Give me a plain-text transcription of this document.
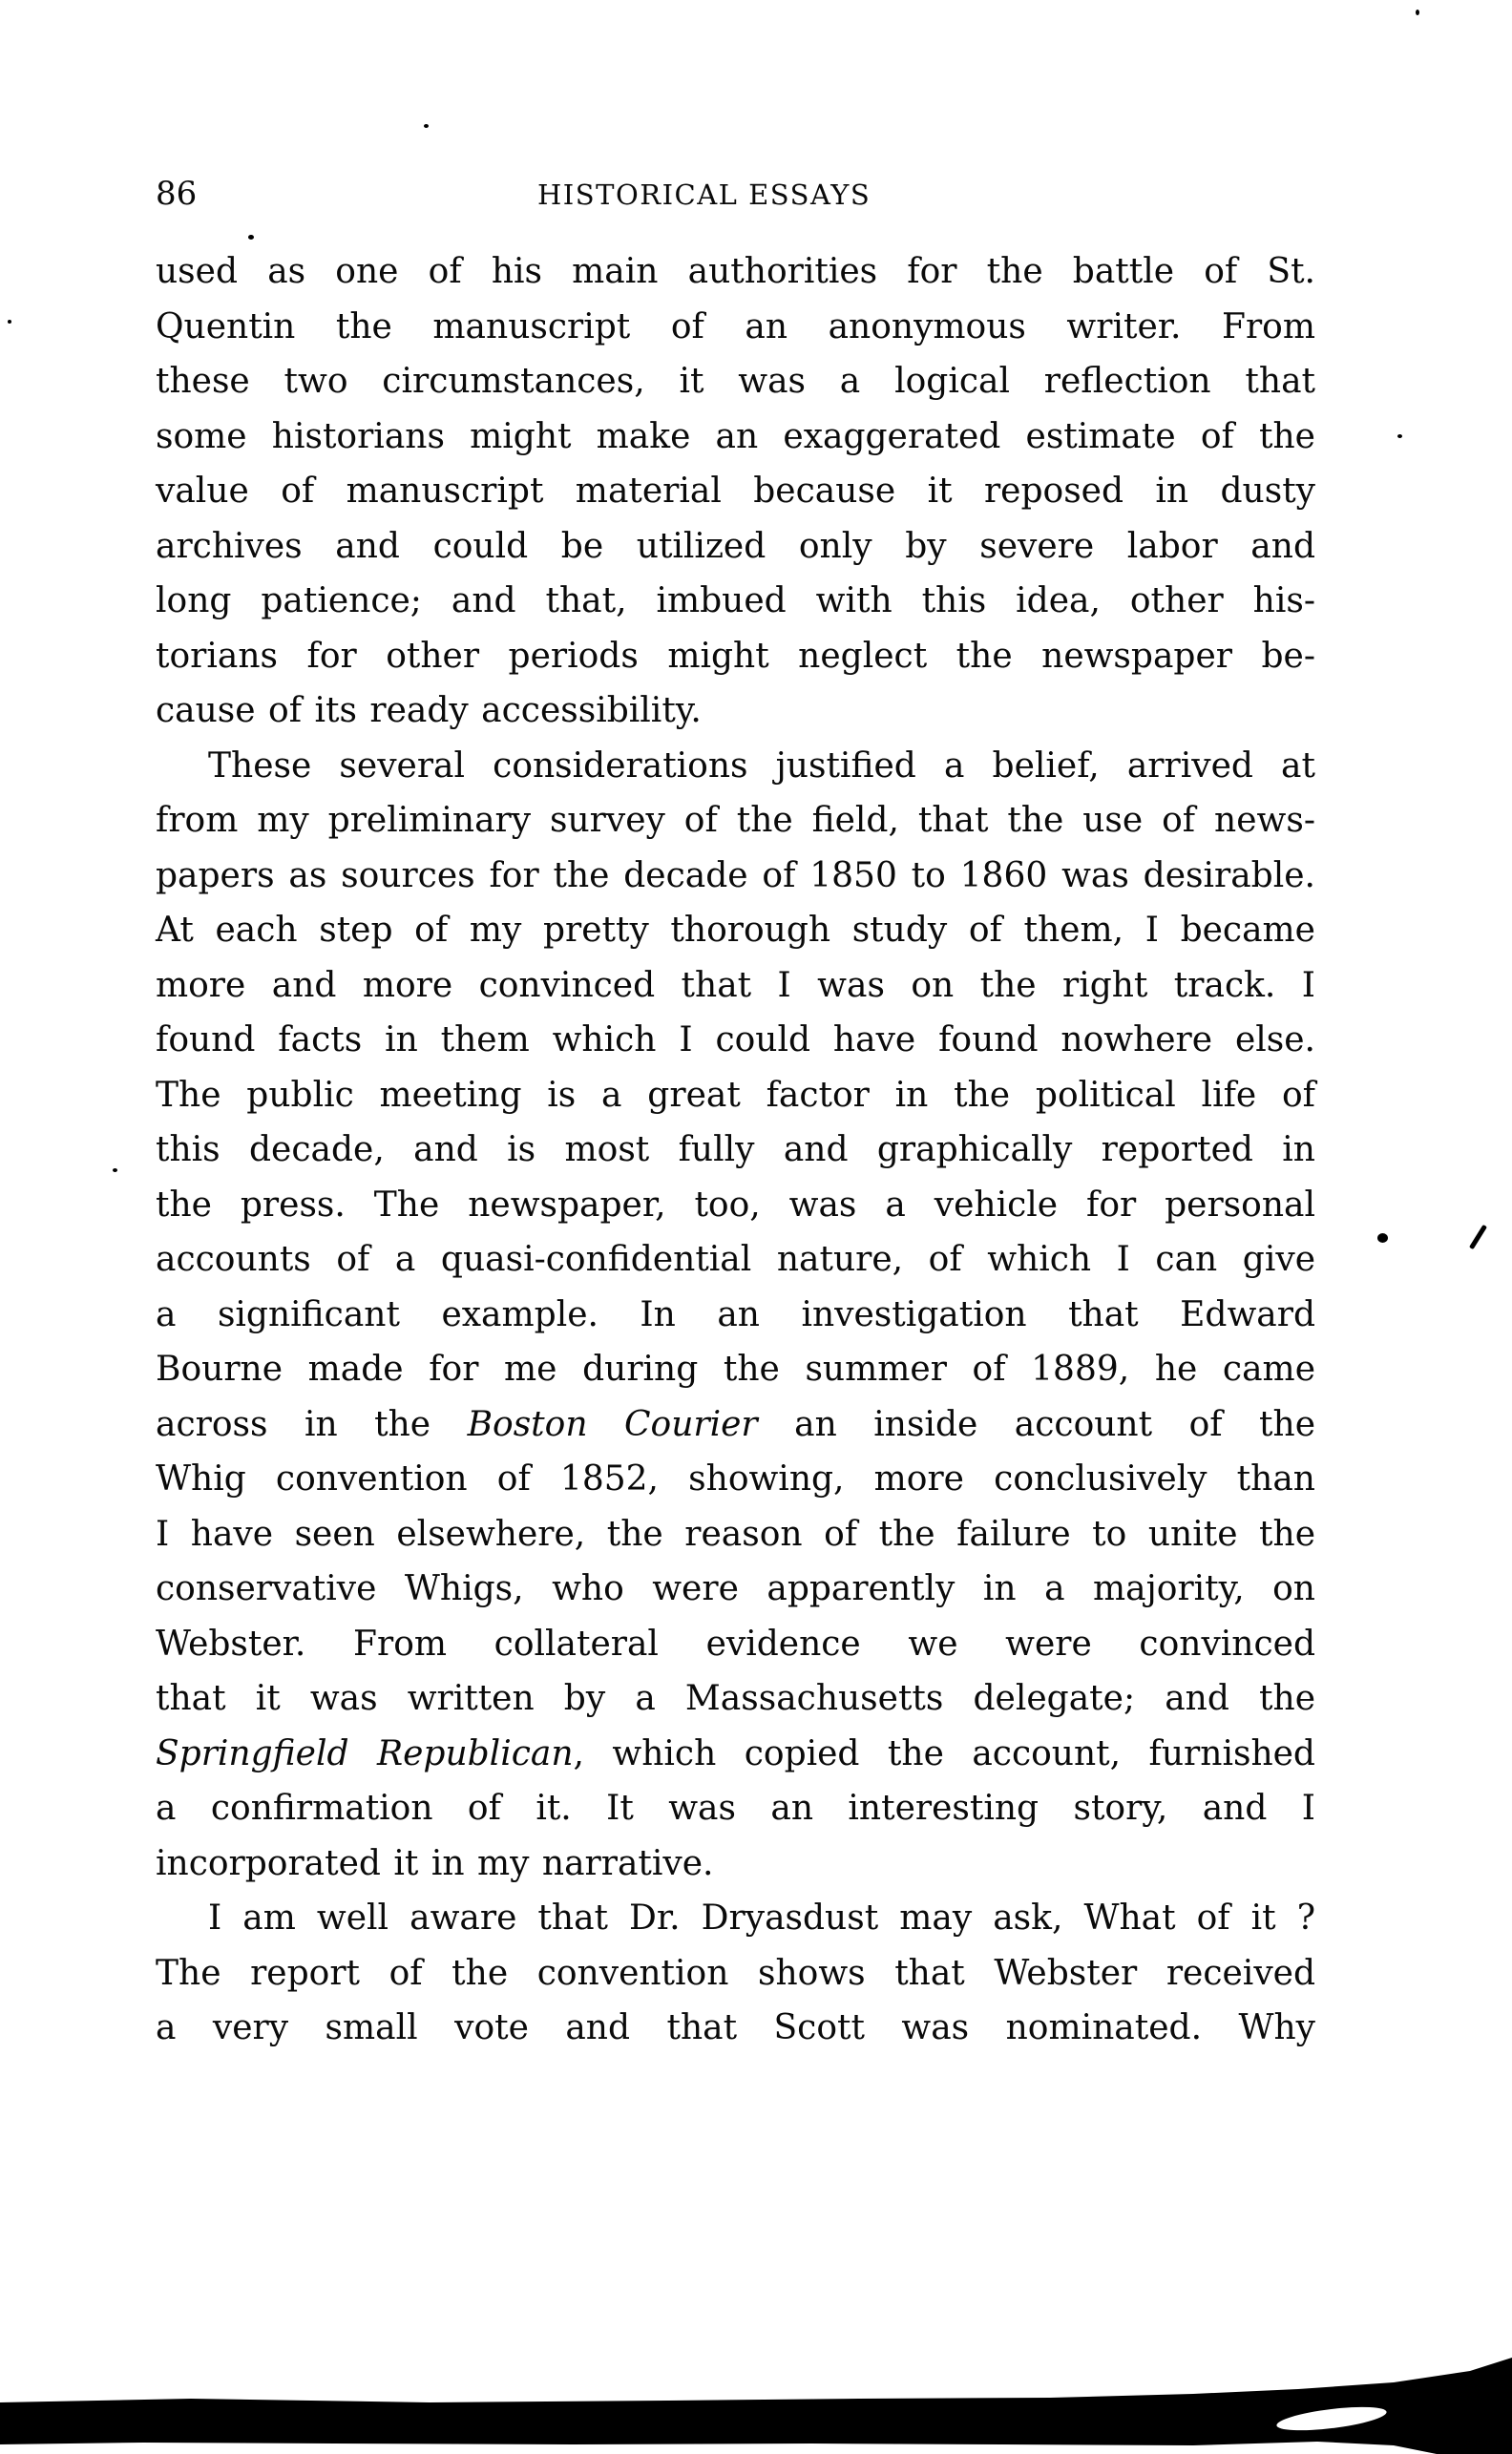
86	HISTORICAL ESSAYS
used as one of his main authorities for the battle of St.
Quentin the manuscript of an anonymous writer. From
these two circumstances, it was a logical reflection that
some historians might make an exaggerated estimate of the
value of manuscript material because it reposed in dusty
archives and could be utilized only by severe labor and
long patience; and that, imbued with this idea, other his-
torians for other periods might neglect the newspaper be-
cause of its ready accessibility.
These several considerations justified a belief, arrived at
from my preliminary survey of the field, that the use of news-
papers as sources for the decade of 1850 to 1860 was desirable.
At each step of my pretty thorough study of them, I became
more and more convinced that I was on the right track. I
found facts in them which I could have found nowhere else.
The public meeting is a great factor in the political life of
this decade, and is most fully and graphically reported in
the press. The newspaper, too, was a vehicle for personal
accounts of a quasi-confidential nature, of which I can give
a significant example. In an investigation that Edward
Bourne made for me during the summer of 1889, he came
across in the Boston Courier an inside account of the
Whig convention of 1852, showing, more conclusively than
I have seen elsewhere, the reason of the failure to unite the
conservative Whigs, who were apparently in a majority, on
Webster. From collateral evidence we were convinced
that it was written by a Massachusetts delegate; and the
Springfield Republican, which copied the account, furnished
a confirmation of it. It was an interesting story, and I
incorporated it in my narrative.
I am well aware that Dr. Dryasdust may ask, What of it ?
The report of the convention shows that Webster received
a very small vote and that Scott was nominated. Why
